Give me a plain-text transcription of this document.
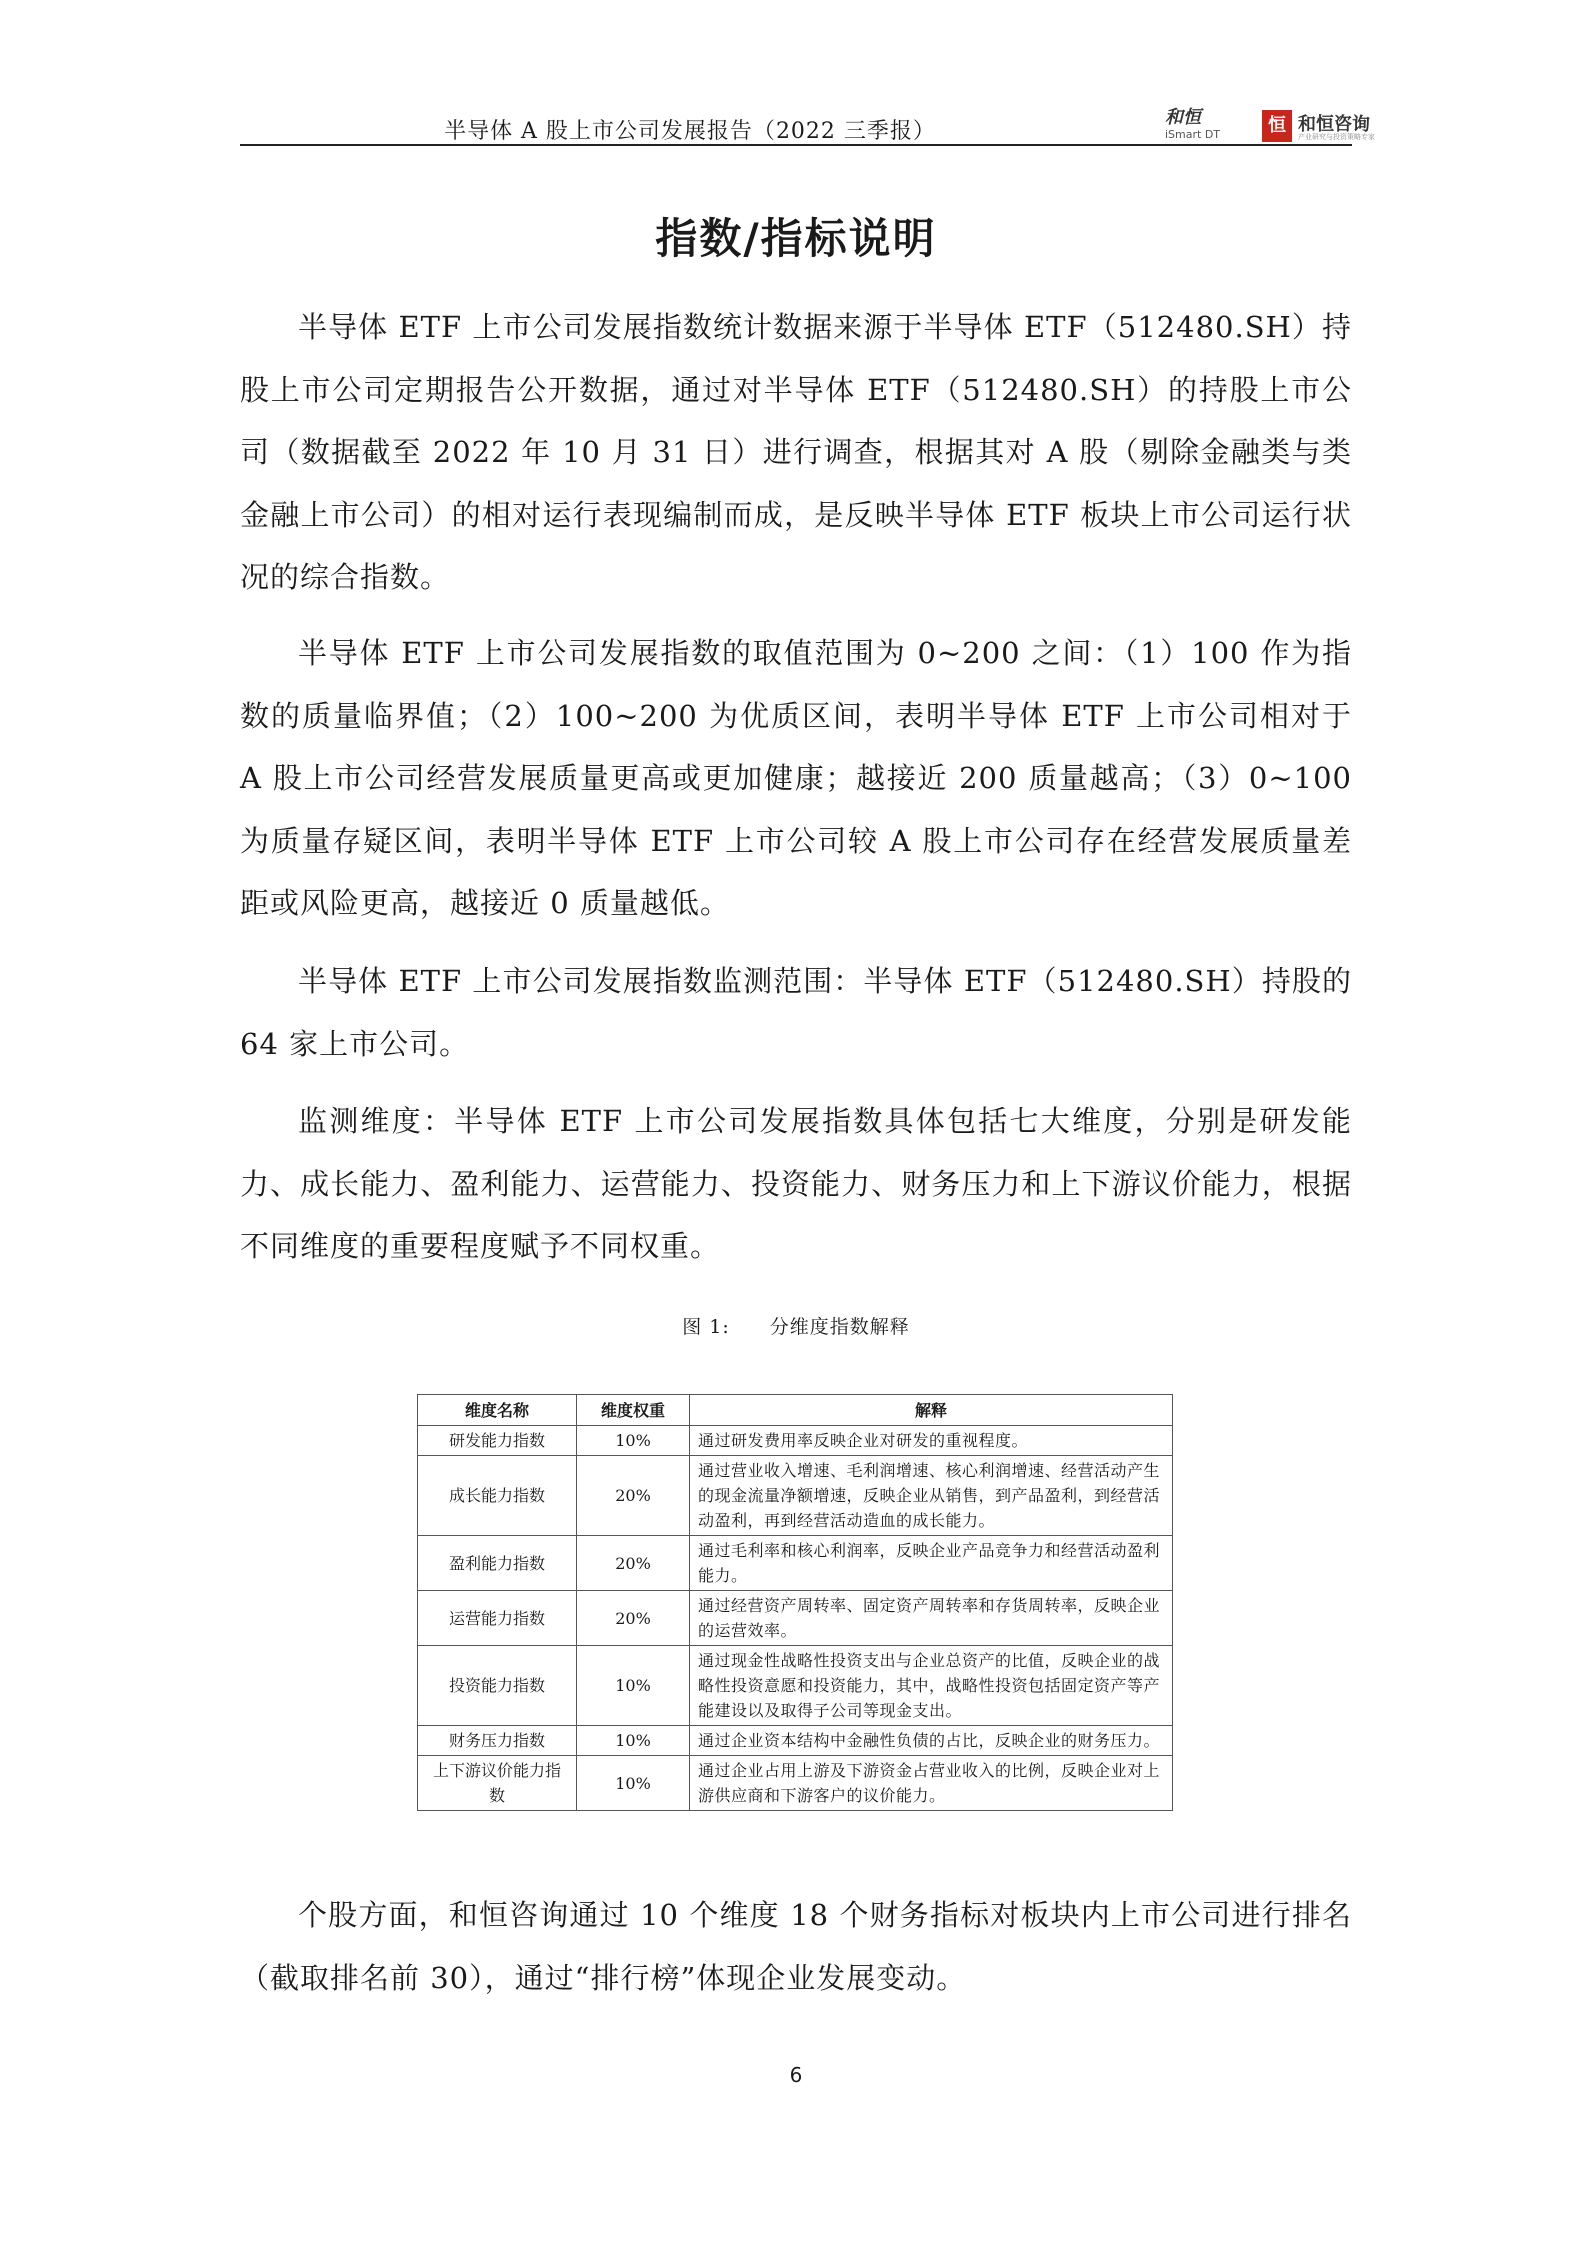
半导体 A 股上市公司发展报告（2022 三季报）
和恒
iSmart DT	恒 和恒咨询
产业研究与投资策略专家
指数/指标说明

半导体 ETF 上市公司发展指数统计数据来源于半导体 ETF（512480.SH）持股上市公司定期报告公开数据，通过对半导体 ETF（512480.SH）的持股上市公司（数据截至 2022 年 10 月 31 日）进行调查，根据其对 A 股（剔除金融类与类金融上市公司）的相对运行表现编制而成，是反映半导体 ETF 板块上市公司运行状况的综合指数。

半导体 ETF 上市公司发展指数的取值范围为 0~200 之间：（1）100 作为指数的质量临界值；（2）100~200 为优质区间，表明半导体 ETF 上市公司相对于 A 股上市公司经营发展质量更高或更加健康；越接近 200 质量越高；（3）0~100 为质量存疑区间，表明半导体 ETF 上市公司较 A 股上市公司存在经营发展质量差距或风险更高，越接近 0 质量越低。

半导体 ETF 上市公司发展指数监测范围：半导体 ETF（512480.SH）持股的 64 家上市公司。

监测维度：半导体 ETF 上市公司发展指数具体包括七大维度，分别是研发能力、成长能力、盈利能力、运营能力、投资能力、财务压力和上下游议价能力，根据不同维度的重要程度赋予不同权重。

图 1: 分维度指数解释
维度名称	维度权重	解释
研发能力指数	10%	通过研发费用率反映企业对研发的重视程度。
成长能力指数	20%	通过营业收入增速、毛利润增速、核心利润增速、经营活动产生的现金流量净额增速，反映企业从销售，到产品盈利，到经营活动盈利，再到经营活动造血的成长能力。
盈利能力指数	20%	通过毛利率和核心利润率，反映企业产品竞争力和经营活动盈利能力。
运营能力指数	20%	通过经营资产周转率、固定资产周转率和存货周转率，反映企业的运营效率。
投资能力指数	10%	通过现金性战略性投资支出与企业总资产的比值，反映企业的战略性投资意愿和投资能力，其中，战略性投资包括固定资产等产能建设以及取得子公司等现金支出。
财务压力指数	10%	通过企业资本结构中金融性负债的占比，反映企业的财务压力。
上下游议价能力指数	10%	通过企业占用上游及下游资金占营业收入的比例，反映企业对上游供应商和下游客户的议价能力。

个股方面，和恒咨询通过 10 个维度 18 个财务指标对板块内上市公司进行排名（截取排名前 30），通过“排行榜”体现企业发展变动。

6
